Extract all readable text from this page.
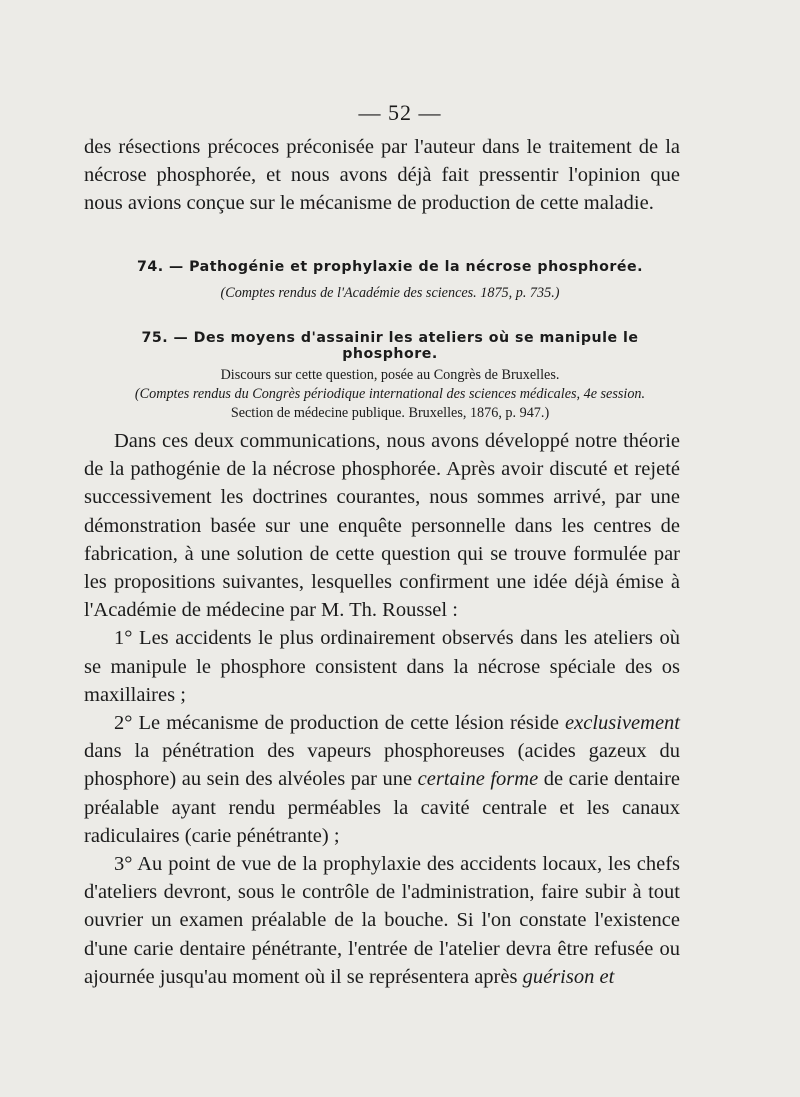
— 52 —

des résections précoces préconisée par l'auteur dans le traitement de la nécrose phosphorée, et nous avons déjà fait pressentir l'opinion que nous avions conçue sur le mécanisme de production de cette maladie.

74. — Pathogénie et prophylaxie de la nécrose phosphorée.
(Comptes rendus de l'Académie des sciences. 1875, p. 735.)
75. — Des moyens d'assainir les ateliers où se manipule le phosphore.
Discours sur cette question, posée au Congrès de Bruxelles.
(Comptes rendus du Congrès périodique international des sciences médicales, 4e session.
Section de médecine publique. Bruxelles, 1876, p. 947.)

Dans ces deux communications, nous avons développé notre théorie de la pathogénie de la nécrose phosphorée. Après avoir discuté et rejeté successivement les doctrines courantes, nous sommes arrivé, par une démonstration basée sur une enquête personnelle dans les centres de fabrication, à une solution de cette question qui se trouve formulée par les propositions suivantes, lesquelles confirment une idée déjà émise à l'Académie de médecine par M. Th. Roussel :

1° Les accidents le plus ordinairement observés dans les ateliers où se manipule le phosphore consistent dans la nécrose spéciale des os maxillaires ;

2° Le mécanisme de production de cette lésion réside exclusivement dans la pénétration des vapeurs phosphoreuses (acides gazeux du phosphore) au sein des alvéoles par une certaine forme de carie dentaire préalable ayant rendu perméables la cavité centrale et les canaux radiculaires (carie pénétrante) ;

3° Au point de vue de la prophylaxie des accidents locaux, les chefs d'ateliers devront, sous le contrôle de l'administration, faire subir à tout ouvrier un examen préalable de la bouche. Si l'on constate l'existence d'une carie dentaire pénétrante, l'entrée de l'atelier devra être refusée ou ajournée jusqu'au moment où il se représentera après guérison et
